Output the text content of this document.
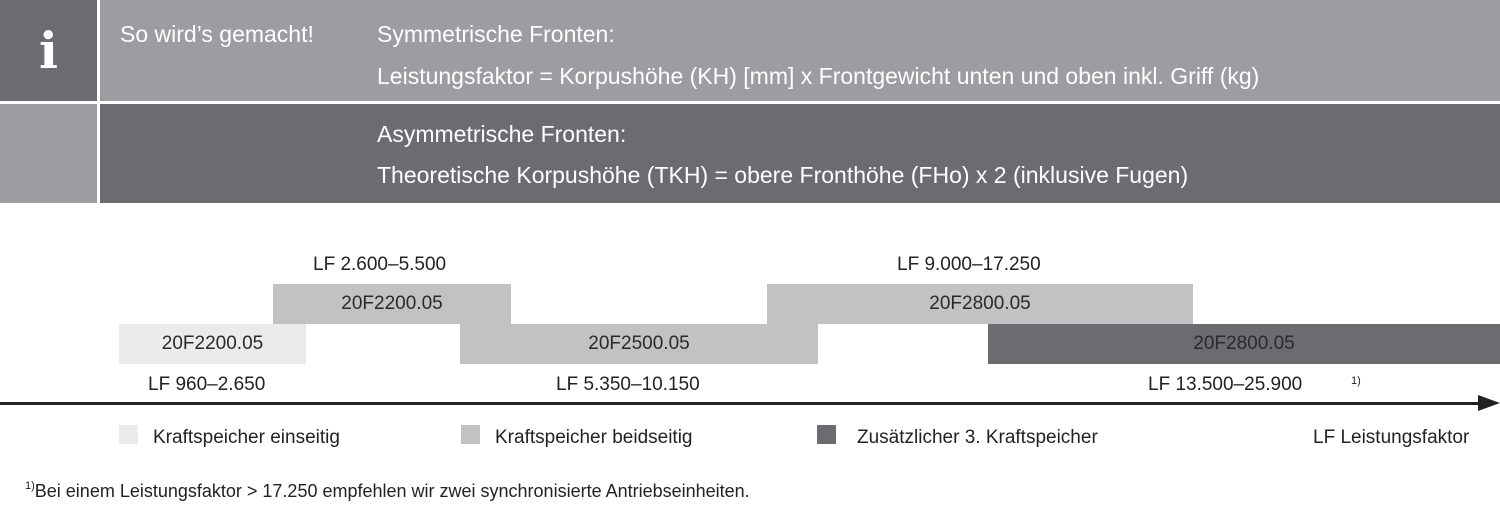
i	So wird’s gemacht!	Symmetrische Fronten:
Leistungsfaktor = Korpushöhe (KH) [mm] x Frontgewicht unten und oben inkl. Griff (kg)
Asymmetrische Fronten:
Theoretische Korpushöhe (TKH) = obere Fronthöhe (FHo) x 2 (inklusive Fugen)
LF 2.600–5.500	LF 9.000–17.250
20F2200.05	20F2800.05
20F2200.05	20F2500.05	20F2800.05
LF 960–2.650	LF 5.350–10.150	LF 13.500–25.900	1)
Kraftspeicher einseitig	Kraftspeicher beidseitig	Zusätzlicher 3. Kraftspeicher	LF Leistungsfaktor
$^{1)}$Bei einem Leistungsfaktor > 17.250 empfehlen wir zwei synchronisierte Antriebseinheiten.
